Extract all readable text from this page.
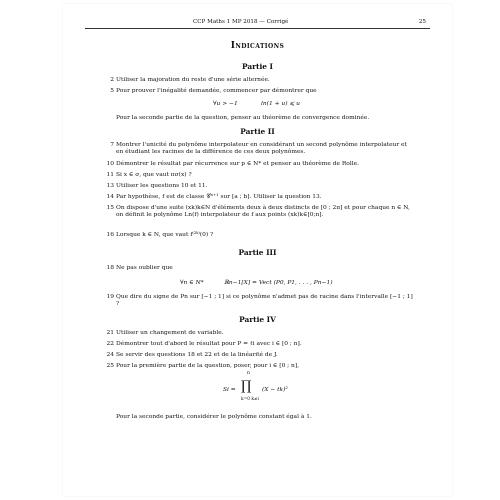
CCP Maths 1 MP 2018 — Corrigé	25
Indications
Partie I
2 Utiliser la majoration du reste d'une série alternée.
5 Pour prouver l'inégalité demandée, commencer par démontrer que
∀u > −1	ln(1 + u) ⩽ u
Pour la seconde partie de la question, penser au théorème de convergence dominée.
Partie II
7 Montrer l'unicité du polynôme interpolateur en considérant un second polynôme interpolateur et en étudiant les racines de la différence de ces deux polynômes.
10 Démontrer le résultat par récurrence sur p ∈ N* et penser au théorème de Rolle.
11 Si x ∈ σ, que vaut πσ(x) ?
13 Utiliser les questions 10 et 11.
14 Par hypothèse, f est de classe 𝒞ⁿ⁺¹ sur [a ; b]. Utiliser la question 13.
15 On dispose d'une suite (xk)k∈N d'éléments deux à deux distincts de [0 ; 2π] et pour chaque n ∈ N, on définit le polynôme Ln(f) interpolateur de f aux points (xk)k∈[0;n].
16 Lorsque k ∈ N, que vaut f⁽²ᵏ⁾(0) ?
Partie III
18 Ne pas oublier que
∀n ∈ N*	ℝn−1[X] = Vect (P0, P1, . . . , Pn−1)
19 Que dire du signe de Pn sur [−1 ; 1] si ce polynôme n'admet pas de racine dans l'intervalle [−1 ; 1] ?
Partie IV
21 Utiliser un changement de variable.
22 Démontrer tout d'abord le résultat pour P = ℓi avec i ∈ [0 ; n].
24 Se servir des questions 18 et 22 et de la linéarité de J.
25 Pour la première partie de la question, poser, pour i ∈ [0 ; n],
Si =
n
∏
k=0 k≠i
(X − tk)²
Pour la seconde partie, considérer le polynôme constant égal à 1.
